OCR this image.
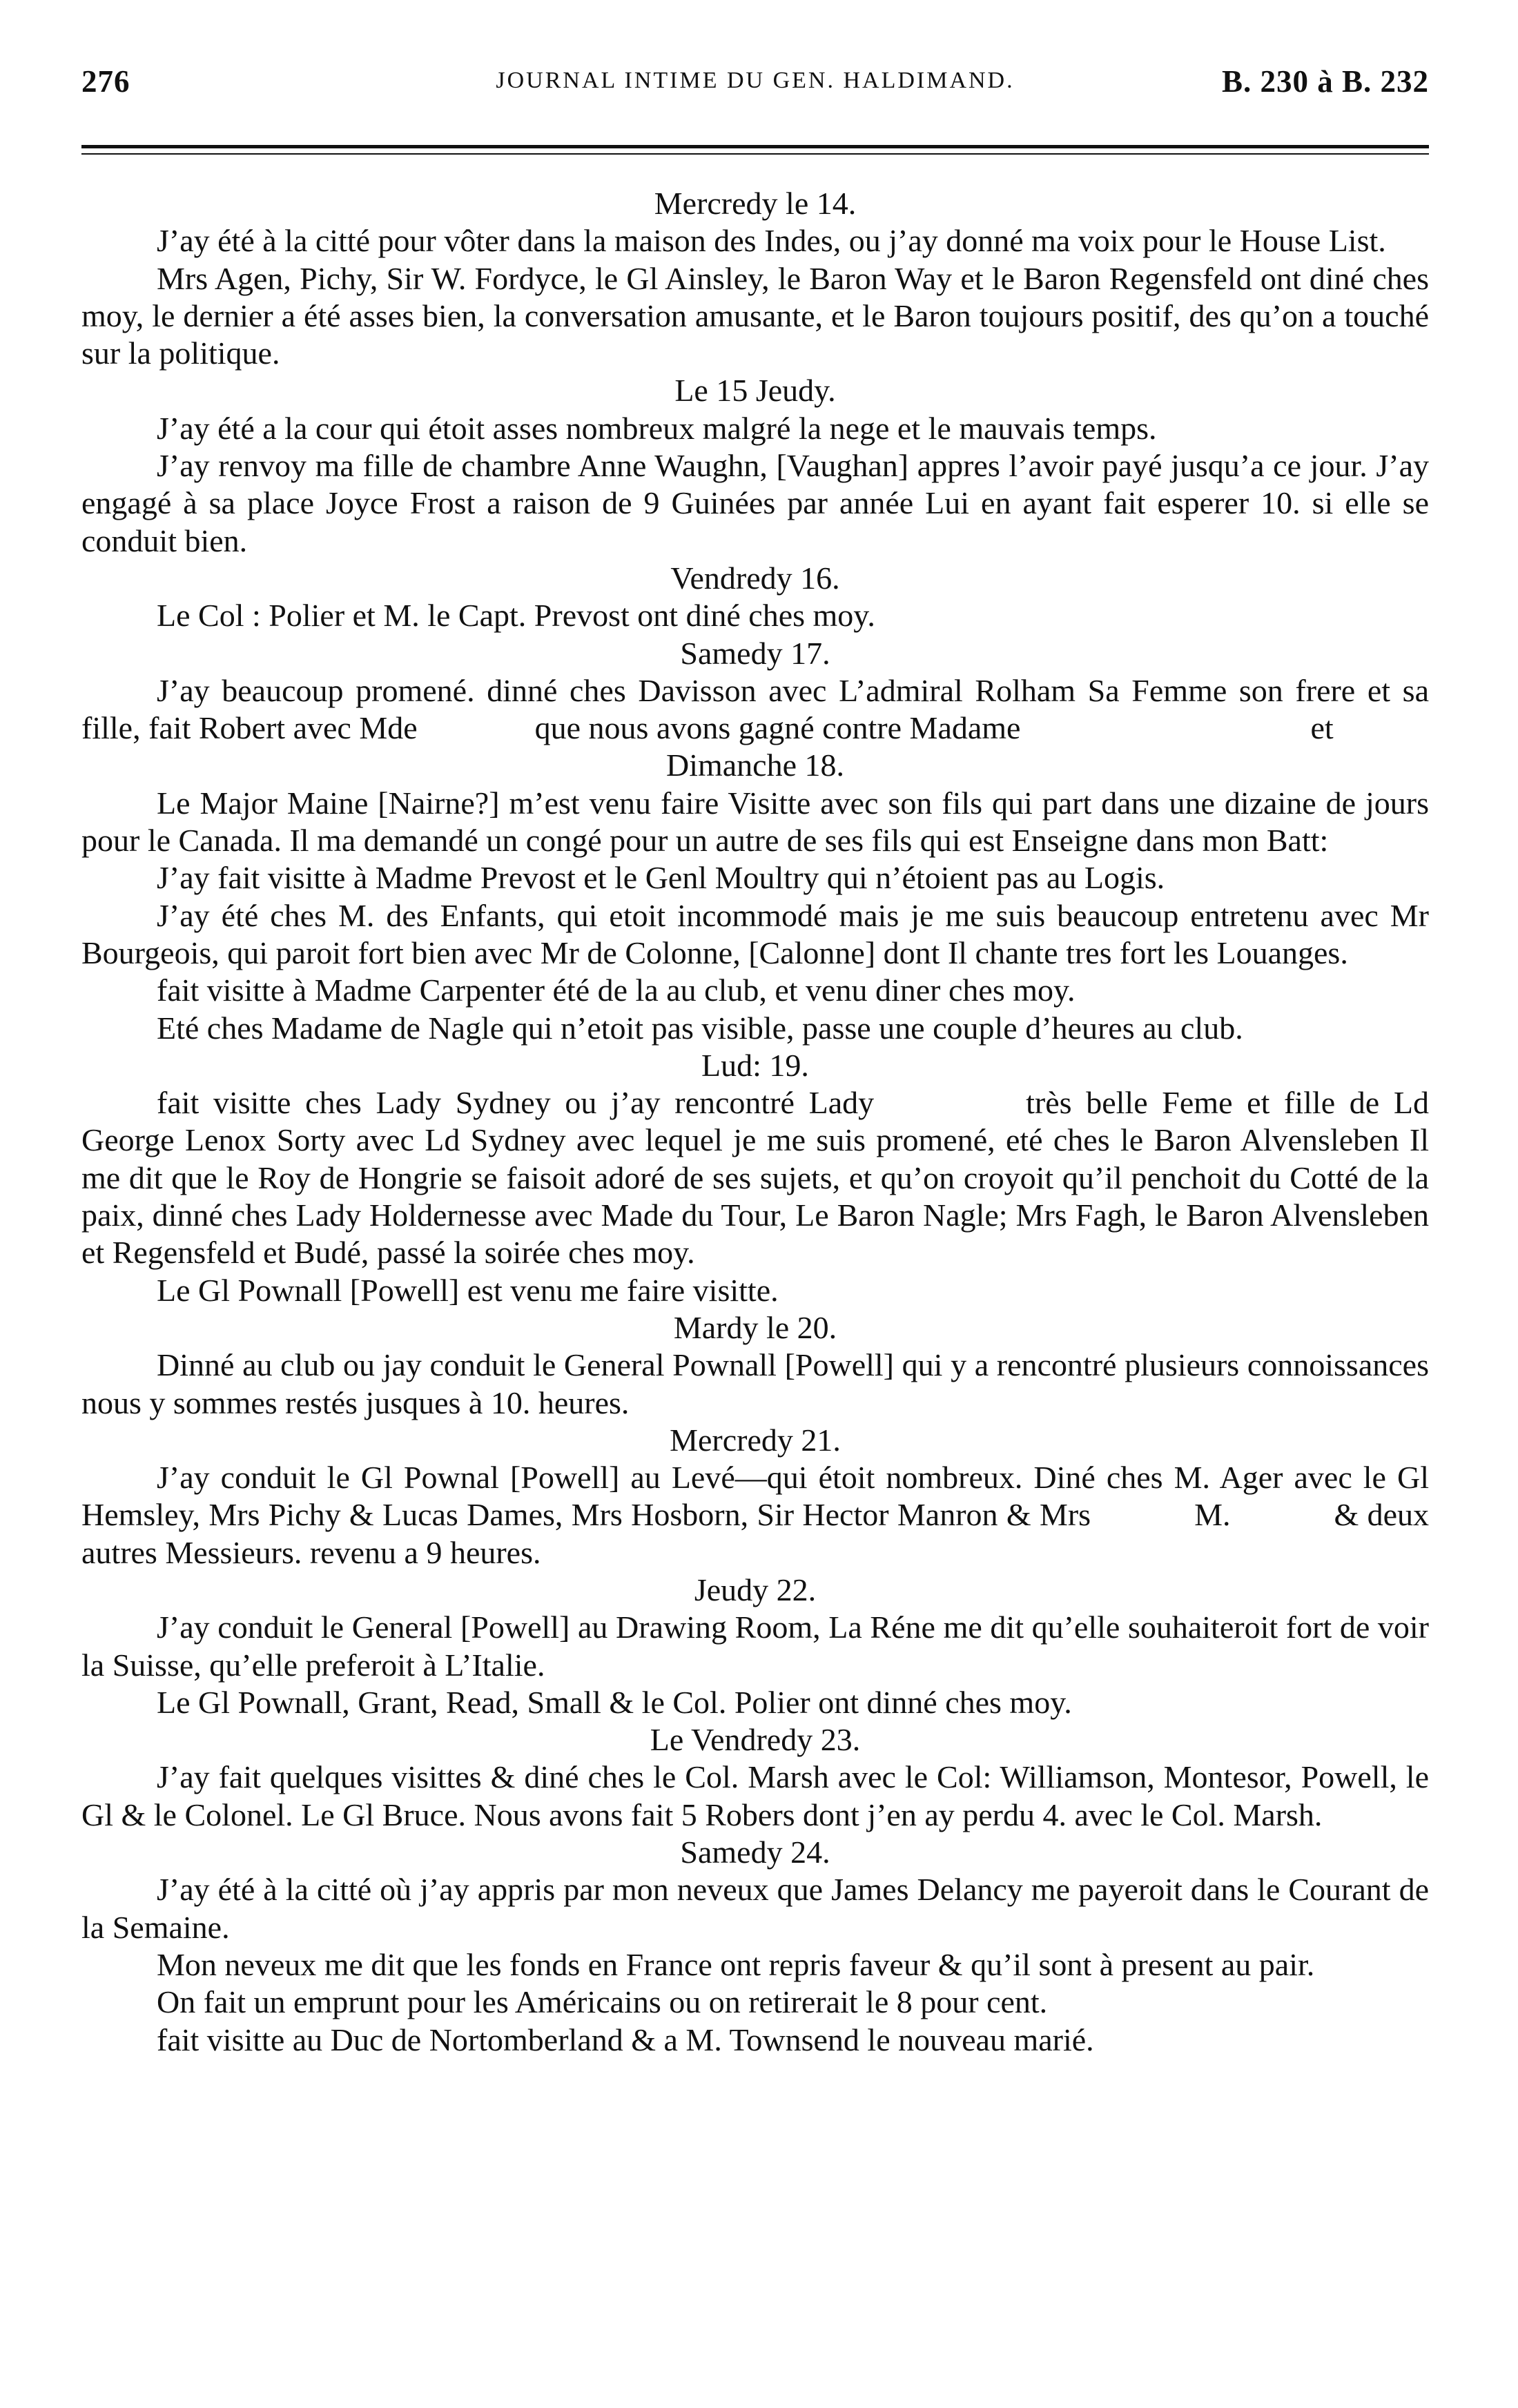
276	JOURNAL INTIME DU GEN. HALDIMAND.	B. 230 à B. 232

Mercredy le 14.

J’ay été à la citté pour vôter dans la maison des Indes, ou j’ay donné ma voix pour le House List.

Mrs Agen, Pichy, Sir W. Fordyce, le Gl Ainsley, le Baron Way et le Baron Regensfeld ont diné ches moy, le dernier a été asses bien, la conversation amusante, et le Baron toujours positif, des qu’on a touché sur la politique.

Le 15 Jeudy.

J’ay été a la cour qui étoit asses nombreux malgré la nege et le mauvais temps.

J’ay renvoy ma fille de chambre Anne Waughn, [Vaughan] appres l’avoir payé jusqu’a ce jour. J’ay engagé à sa place Joyce Frost a raison de 9 Guinées par année Lui en ayant fait esperer 10. si elle se conduit bien.

Vendredy 16.

Le Col : Polier et M. le Capt. Prevost ont diné ches moy.

Samedy 17.

J’ay beaucoup promené. dinné ches Davisson avec L’admiral Rolham Sa Femme son frere et sa fille, fait Robert avec Mde	que nous avons gagné contre Madame	et

Dimanche 18.

Le Major Maine [Nairne?] m’est venu faire Visitte avec son fils qui part dans une dizaine de jours pour le Canada. Il ma demandé un congé pour un autre de ses fils qui est Enseigne dans mon Batt:

J’ay fait visitte à Madme Prevost et le Genl Moultry qui n’étoient pas au Logis.

J’ay été ches M. des Enfants, qui etoit incommodé mais je me suis beaucoup entretenu avec Mr Bourgeois, qui paroit fort bien avec Mr de Colonne, [Calonne] dont Il chante tres fort les Louanges.

fait visitte à Madme Carpenter été de la au club, et venu diner ches moy.

Eté ches Madame de Nagle qui n’etoit pas visible, passe une couple d’heures au club.

Lud: 19.

fait visitte ches Lady Sydney ou j’ay rencontré Lady	très belle Feme et fille de Ld George Lenox Sorty avec Ld Sydney avec lequel je me suis promené, eté ches le Baron Alvensleben Il me dit que le Roy de Hongrie se faisoit adoré de ses sujets, et qu’on croyoit qu’il penchoit du Cotté de la paix, dinné ches Lady Holdernesse avec Made du Tour, Le Baron Nagle; Mrs Fagh, le Baron Alvensleben et Regensfeld et Budé, passé la soirée ches moy.

Le Gl Pownall [Powell] est venu me faire visitte.

Mardy le 20.

Dinné au club ou jay conduit le General Pownall [Powell] qui y a rencontré plusieurs connoissances nous y sommes restés jusques à 10. heures.

Mercredy 21.

J’ay conduit le Gl Pownal [Powell] au Levé—qui étoit nombreux. Diné ches M. Ager avec le Gl Hemsley, Mrs Pichy & Lucas Dames, Mrs Hosborn, Sir Hector Manron & Mrs	M.	& deux autres Messieurs. revenu a 9 heures.

Jeudy 22.

J’ay conduit le General [Powell] au Drawing Room, La Réne me dit qu’elle souhaiteroit fort de voir la Suisse, qu’elle preferoit à L’Italie.

Le Gl Pownall, Grant, Read, Small & le Col. Polier ont dinné ches moy.

Le Vendredy 23.

J’ay fait quelques visittes & diné ches le Col. Marsh avec le Col: Williamson, Montesor, Powell, le Gl & le Colonel. Le Gl Bruce. Nous avons fait 5 Robers dont j’en ay perdu 4. avec le Col. Marsh.

Samedy 24.

J’ay été à la citté où j’ay appris par mon neveux que James Delancy me payeroit dans le Courant de la Semaine.

Mon neveux me dit que les fonds en France ont repris faveur & qu’il sont à present au pair.

On fait un emprunt pour les Américains ou on retirerait le 8 pour cent.

fait visitte au Duc de Nortomberland & a M. Townsend le nouveau marié.
